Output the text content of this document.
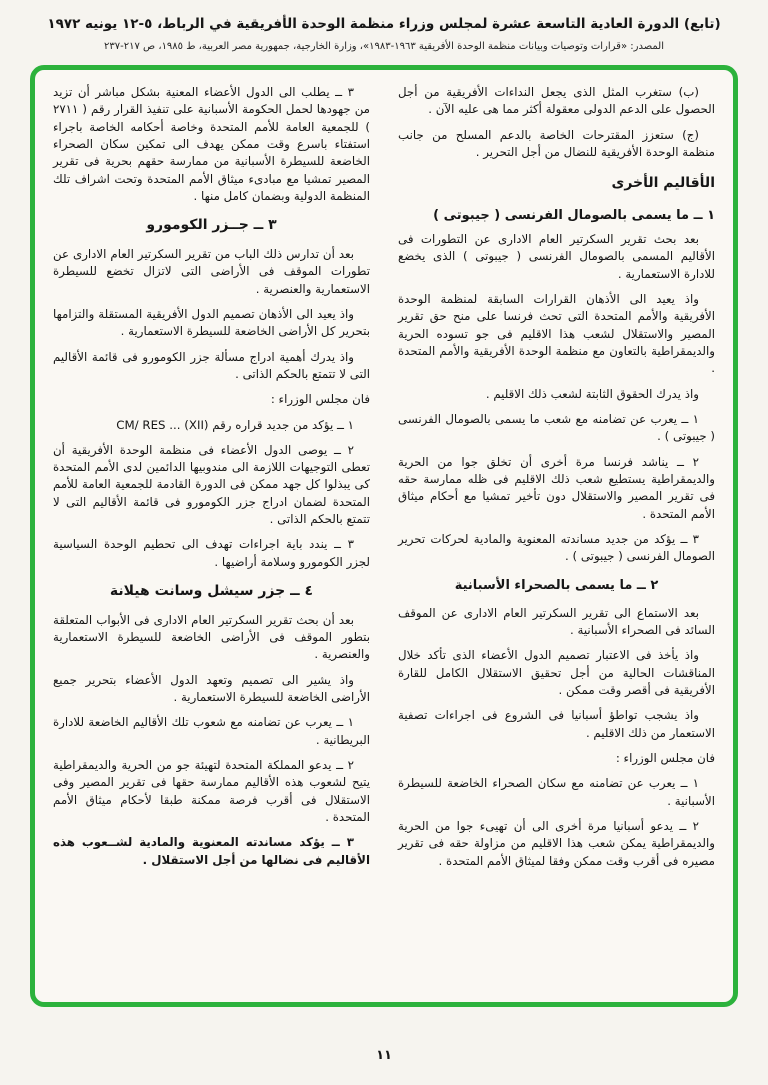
(تابع) الدورة العادية التاسعة عشرة لمجلس وزراء منظمة الوحدة الأفريقية في الرباط، ٥-١٢ يونيه ١٩٧٢
المصدر: «قرارات وتوصيات وبيانات منظمة الوحدة الأفريقية ١٩٦٣-١٩٨٣»، وزارة الخارجية، جمهورية مصر العربية، ط ١٩٨٥، ص ٢١٧-٢٣٧

(ب) ستغرب المثل الذى يجعل النداءات الأفريقية من أجل الحصول على الدعم الدولى معقولة أكثر مما هى عليه الآن .

(ج) ستعزز المقترحات الخاصة بالدعم المسلح من جانب منظمة الوحدة الأفريقية للنضال من أجل التحرير .

الأقاليم الأخرى
١ ــ ما يسمى بالصومال الفرنسى ( جيبوتى )

بعد بحث تقرير السكرتير العام الادارى عن التطورات فى الأقاليم المسمى بالصومال الفرنسى ( جيبوتى ) الذى يخضع للادارة الاستعمارية .

واذ يعيد الى الأذهان القرارات السابقة لمنظمة الوحدة الأفريقية والأمم المتحدة التى تحث فرنسا على منح حق تقرير المصير والاستقلال لشعب هذا الاقليم فى جو تسوده الحرية والديمقراطية بالتعاون مع منظمة الوحدة الأفريقية والأمم المتحدة .

واذ يدرك الحقوق الثابتة لشعب ذلك الاقليم .

١ ــ يعرب عن تضامنه مع شعب ما يسمى بالصومال الفرنسى ( جيبوتى ) .

٢ ــ يناشد فرنسا مرة أخرى أن تخلق جوا من الحرية والديمقراطية يستطيع شعب ذلك الاقليم فى ظله ممارسة حقه فى تقرير المصير والاستقلال دون تأخير تمشيا مع أحكام ميثاق الأمم المتحدة .

٣ ــ يؤكد من جديد مساندته المعنوية والمادية لحركات تحرير الصومال الفرنسى ( جيبوتى ) .

٢ ــ ما يسمى بالصحراء الأسبانية

بعد الاستماع الى تقرير السكرتير العام الادارى عن الموقف السائد فى الصحراء الأسبانية .

واذ يأخذ فى الاعتبار تصميم الدول الأعضاء الذى تأكد خلال المناقشات الحالية من أجل تحقيق الاستقلال الكامل للقارة الأفريقية فى أقصر وقت ممكن .

واذ يشجب تواطؤ أسبانيا فى الشروع فى اجراءات تصفية الاستعمار من ذلك الاقليم .

فان مجلس الوزراء :

١ ــ يعرب عن تضامنه مع سكان الصحراء الخاضعة للسيطرة الأسبانية .

٢ ــ يدعو أسبانيا مرة أخرى الى أن تهيىء جوا من الحرية والديمقراطية يمكن شعب هذا الاقليم من مزاولة حقه فى تقرير مصيره فى أقرب وقت ممكن وفقا لميثاق الأمم المتحدة .

٣ ــ يطلب الى الدول الأعضاء المعنية بشكل مباشر أن تزيد من جهودها لحمل الحكومة الأسبانية على تنفيذ القرار رقم ( ٢٧١١ ) للجمعية العامة للأمم المتحدة وخاصة أحكامه الخاصة باجراء استفتاء باسرع وقت ممكن يهدف الى تمكين سكان الصحراء الخاضعة للسيطرة الأسبانية من ممارسة حقهم بحرية فى تقرير المصير تمشيا مع مبادىء ميثاق الأمم المتحدة وتحت اشراف تلك المنظمة الدولية وبضمان كامل منها .

٣ ــ جــزر الكومورو

بعد أن تدارس ذلك الباب من تقرير السكرتير العام الادارى عن تطورات الموقف فى الأراضى التى لاتزال تخضع للسيطرة الاستعمارية والعنصرية .

واذ يعيد الى الأذهان تصميم الدول الأفريقية المستقلة والتزامها بتحرير كل الأراضى الخاضعة للسيطرة الاستعمارية .

واذ يدرك أهمية ادراج مسألة جزر الكومورو فى قائمة الأقاليم التى لا تتمتع بالحكم الذاتى .

فان مجلس الوزراء :

١ ــ يؤكد من جديد قراره رقم CM/ RES ... (XII)

٢ ــ يوصى الدول الأعضاء فى منظمة الوحدة الأفريقية أن تعطى التوجيهات اللازمة الى مندوبيها الدائمين لدى الأمم المتحدة كى يبذلوا كل جهد ممكن فى الدورة القادمة للجمعية العامة للأمم المتحدة لضمان ادراج جزر الكومورو فى قائمة الأقاليم التى لا تتمتع بالحكم الذاتى .

٣ ــ يندد باية اجراءات تهدف الى تحطيم الوحدة السياسية لجزر الكومورو وسلامة أراضيها .

٤ ــ جزر سيشل وسانت هيلانة

بعد أن بحث تقرير السكرتير العام الادارى فى الأبواب المتعلقة بتطور الموقف فى الأراضى الخاضعة للسيطرة الاستعمارية والعنصرية .

واذ يشير الى تصميم وتعهد الدول الأعضاء بتحرير جميع الأراضى الخاضعة للسيطرة الاستعمارية .

١ ــ يعرب عن تضامنه مع شعوب تلك الأقاليم الخاضعة للادارة البريطانية .

٢ ــ يدعو المملكة المتحدة لتهيئة جو من الحرية والديمقراطية يتيح لشعوب هذه الأقاليم ممارسة حقها فى تقرير المصير وفى الاستقلال فى أقرب فرصة ممكنة طبقا لأحكام ميثاق الأمم المتحدة .

٣ ــ يؤكد مساندته المعنوية والمادية لشــعوب هذه الأقاليم فى نضالها من أجل الاستقلال .

١١
